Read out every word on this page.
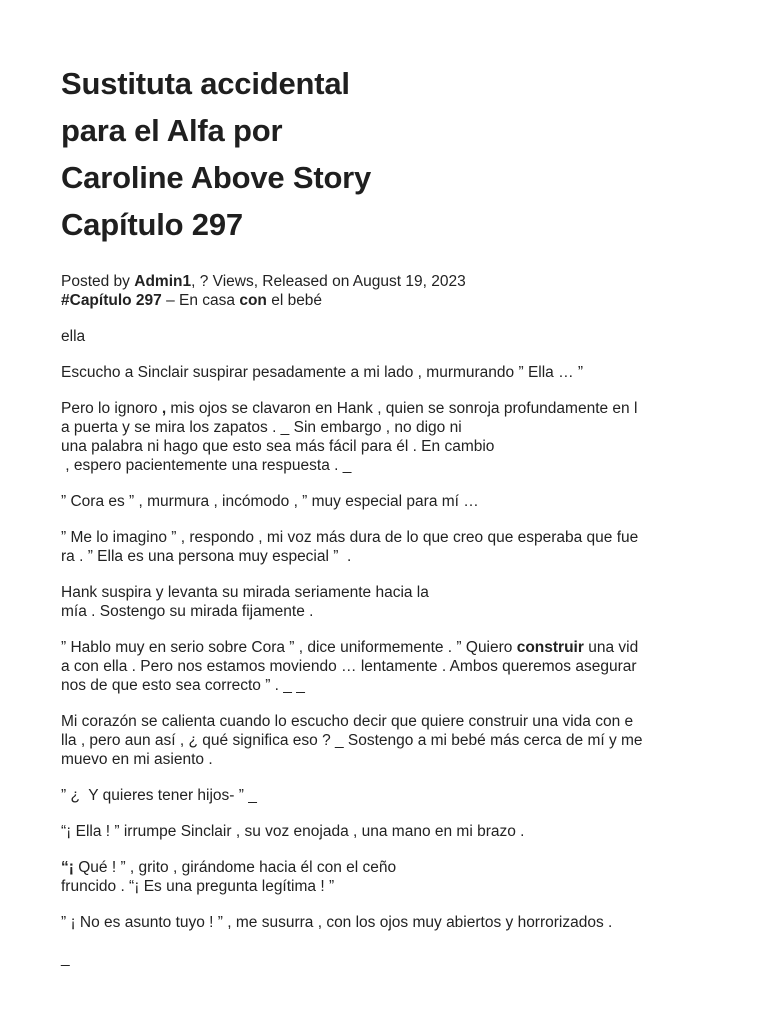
Sustituta accidental
para el Alfa por
Caroline Above Story
Capítulo 297
Posted by Admin1, ? Views, Released on August 19, 2023
#Capítulo 297 – En casa con el bebé

ella

Escucho a Sinclair suspirar pesadamente a mi lado , murmurando ” Ella … ”

Pero lo ignoro , mis ojos se clavaron en Hank , quien se sonroja profundamente en l
a puerta y se mira los zapatos . _ Sin embargo , no digo ni
una palabra ni hago que esto sea más fácil para él . En cambio
, espero pacientemente una respuesta . _

” Cora es ” , murmura , incómodo , ” muy especial para mí …

” Me lo imagino ” , respondo , mi voz más dura de lo que creo que esperaba que fue
ra . ” Ella es una persona muy especial ”  .

Hank suspira y levanta su mirada seriamente hacia la
mía . Sostengo su mirada fijamente .

” Hablo muy en serio sobre Cora ” , dice uniformemente . ” Quiero construir una vid
a con ella . Pero nos estamos moviendo … lentamente . Ambos queremos asegurar
nos de que esto sea correcto ” . _ _

Mi corazón se calienta cuando lo escucho decir que quiere construir una vida con e
lla , pero aun así , ¿ qué significa eso ? _ Sostengo a mi bebé más cerca de mí y me
muevo en mi asiento .

” ¿  Y quieres tener hijos- ” _

“¡ Ella ! ” irrumpe Sinclair , su voz enojada , una mano en mi brazo .

“¡ Qué ! ” , grito , girándome hacia él con el ceño
fruncido . “¡ Es una pregunta legítima ! ”

” ¡ No es asunto tuyo ! ” , me susurra , con los ojos muy abiertos y horrorizados .

_
